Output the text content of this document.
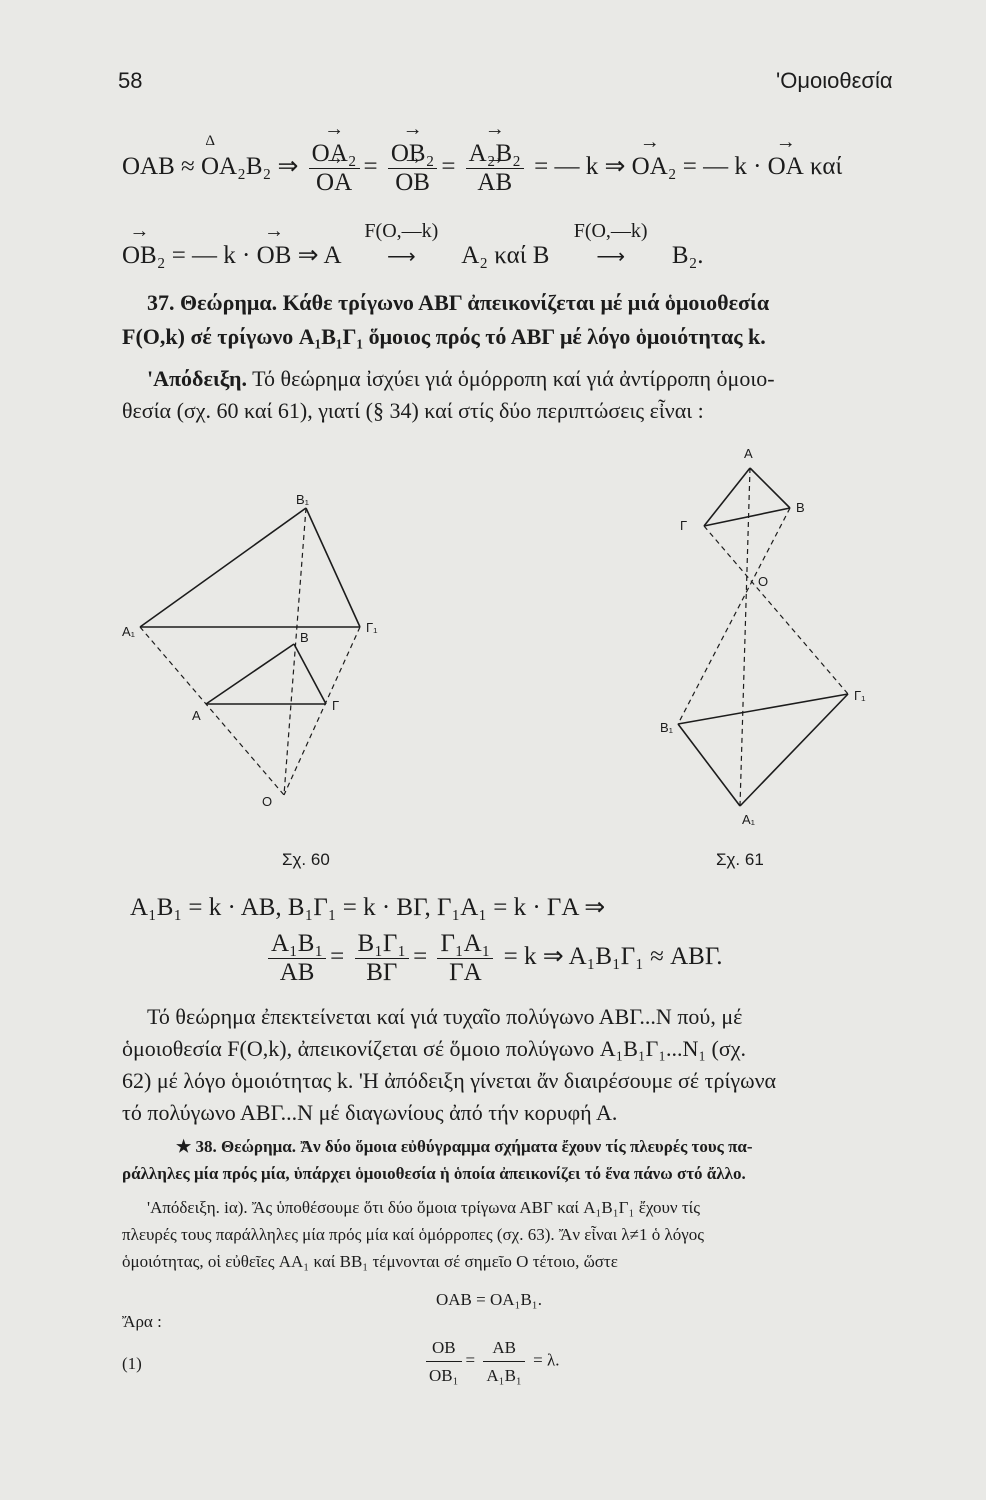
58	'Ομοιοθεσία
Δ OAB ≈ OA₂B₂ ⇒ → OA₂
→ OA = → OB₂
→ OB = → A₂B₂
→ AB = — k ⇒ → OA₂ = — k · → OA καί
→ OB₂ = — k · → OB ⇒ A
F(O,—k)
⟶ A₂ καί B
F(O,—k)
⟶ B₂.
37. Θεώρημα. Κάθε τρίγωνο ΑΒΓ ἀπεικονίζεται μέ μιά ὁμοιοθεσία
F(O,k) σέ τρίγωνο A₁B₁Γ₁ ὅμοιος πρός τό ΑΒΓ μέ λόγο ὁμοιότητας k.
'Απόδειξη. Τό θεώρημα ἰσχύει γιά ὁμόρροπη καί γιά ἀντίρροπη ὁμοιο-
θεσία (σχ. 60 καί 61), γιατί (§ 34) καί στίς δύο περιπτώσεις εἶναι :
B₁
A₁	Γ₁
B
A
Γ
O
Σχ. 60
A
B
Γ
O
Γ₁
B₁
A₁
Σχ. 61
A₁B₁ = k · AB, B₁Γ₁ = k · ΒΓ, Γ₁A₁ = k · ΓA ⇒
$\frac{\text{A₁B₁}}{AB} = \frac{\text{B₁Γ₁}}{B\Gamma} = \frac{\text{Γ₁A₁}}{\Gamma A} = k$ ⇒ A₁B₁Γ₁ ≈ ABΓ.
Τό θεώρημα ἐπεκτείνεται καί γιά τυχαῖο πολύγωνο ΑΒΓ...Ν πού, μέ
ὁμοιοθεσία F(O,k), ἀπεικονίζεται σέ ὅμοιο πολύγωνο A₁B₁Γ₁...N₁ (σχ.
62) μέ λόγο ὁμοιότητας k. 'Η ἀπόδειξη γίνεται ἄν διαιρέσουμε σέ τρίγωνα
τό πολύγωνο ΑΒΓ...Ν μέ διαγωνίους ἀπό τήν κορυφή Α.
★ 38. Θεώρημα. Ἄν δύο ὅμοια εὐθύγραμμα σχήματα ἔχουν τίς πλευρές τους πα-
ράλληλες μία πρός μία, ὑπάρχει ὁμοιοθεσία ἡ ὁποία ἀπεικονίζει τό ἕνα πάνω στό ἄλλο.
'Απόδειξη. iα). Ἄς ὑποθέσουμε ὅτι δύο ὅμοια τρίγωνα ΑΒΓ καί A₁B₁Γ₁ ἔχουν τίς
πλευρές τους παράλληλες μία πρός μία καί ὁμόρροπες (σχ. 63). Ἄν εἶναι λ≠1 ὁ λόγος
ὁμοιότητας, οἱ εὐθεῖες AA₁ καί BB₁ τέμνονται σέ σημεῖο O τέτοιο, ὥστε
OAB = OA₁B₁.
Ἄρα :
(1)	$\frac{OB}{\text{OB₁}} = \frac{AB}{\text{A₁B₁}} = \lambda$.
